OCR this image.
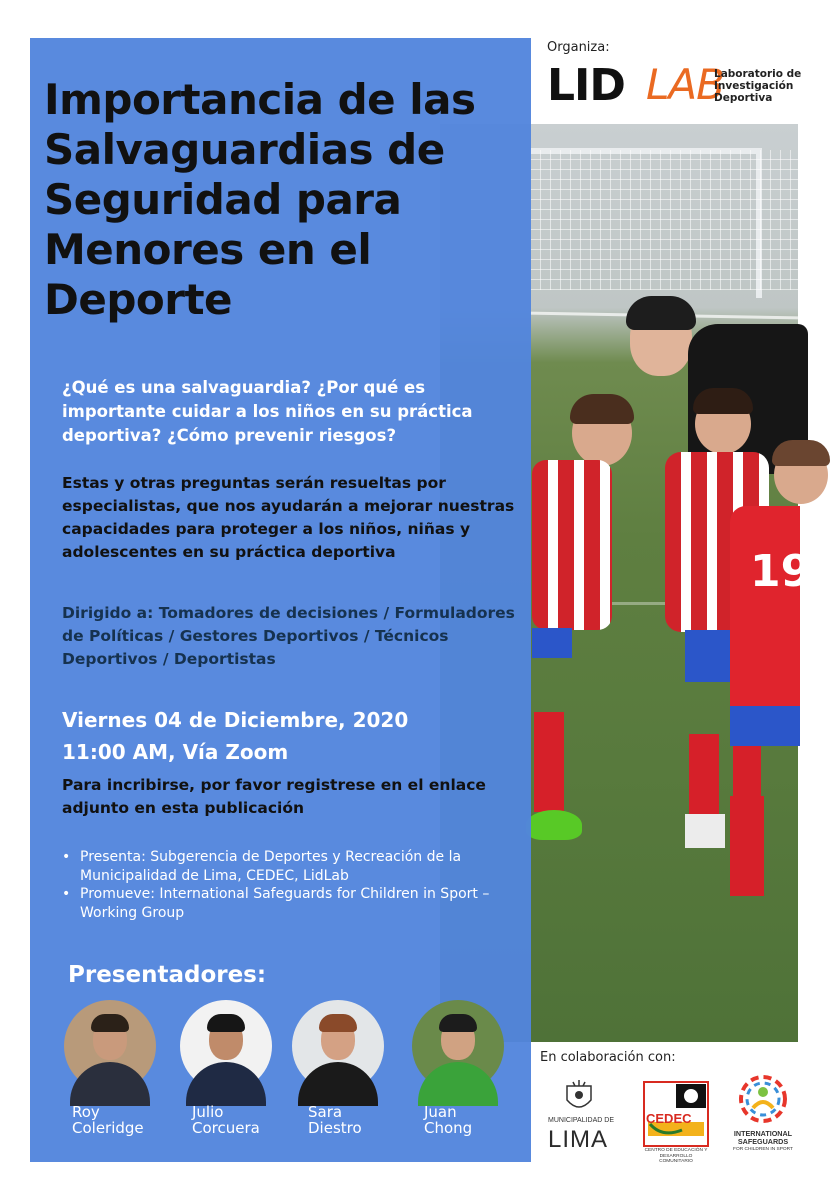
19
Importancia de las Salvaguardias de Seguridad para Menores en el Deporte
¿Qué es una salvaguardia? ¿Por qué es importante cuidar a los niños en su práctica deportiva? ¿Cómo prevenir riesgos?
Estas y otras preguntas serán resueltas por especialistas, que nos ayudarán a mejorar nuestras capacidades para proteger a los niños, niñas y adolescentes en su práctica deportiva
Dirigido a: Tomadores de decisiones / Formuladores de Políticas / Gestores Deportivos / Técnicos Deportivos / Deportistas
Viernes 04 de Diciembre, 2020
11:00 AM, Vía Zoom
Para incribirse, por favor registrese en el enlace adjunto en esta publicación
• Presenta: Subgerencia de Deportes y Recreación de la Municipalidad de Lima, CEDEC, LidLab
• Promueve: International Safeguards for Children in Sport – Working Group
Presentadores:
Roy
Coleridge
Julio
Corcuera
Sara
Diestro
Juan
Chong
Organiza:
LID LAB
Laboratorio de Investigación Deportiva
En colaboración con:
MUNICIPALIDAD DE
LIMA
CEDEC
CENTRO DE EDUCACIÓN Y DESARROLLO COMUNITARIO
INTERNATIONAL SAFEGUARDS
FOR CHILDREN IN SPORT
